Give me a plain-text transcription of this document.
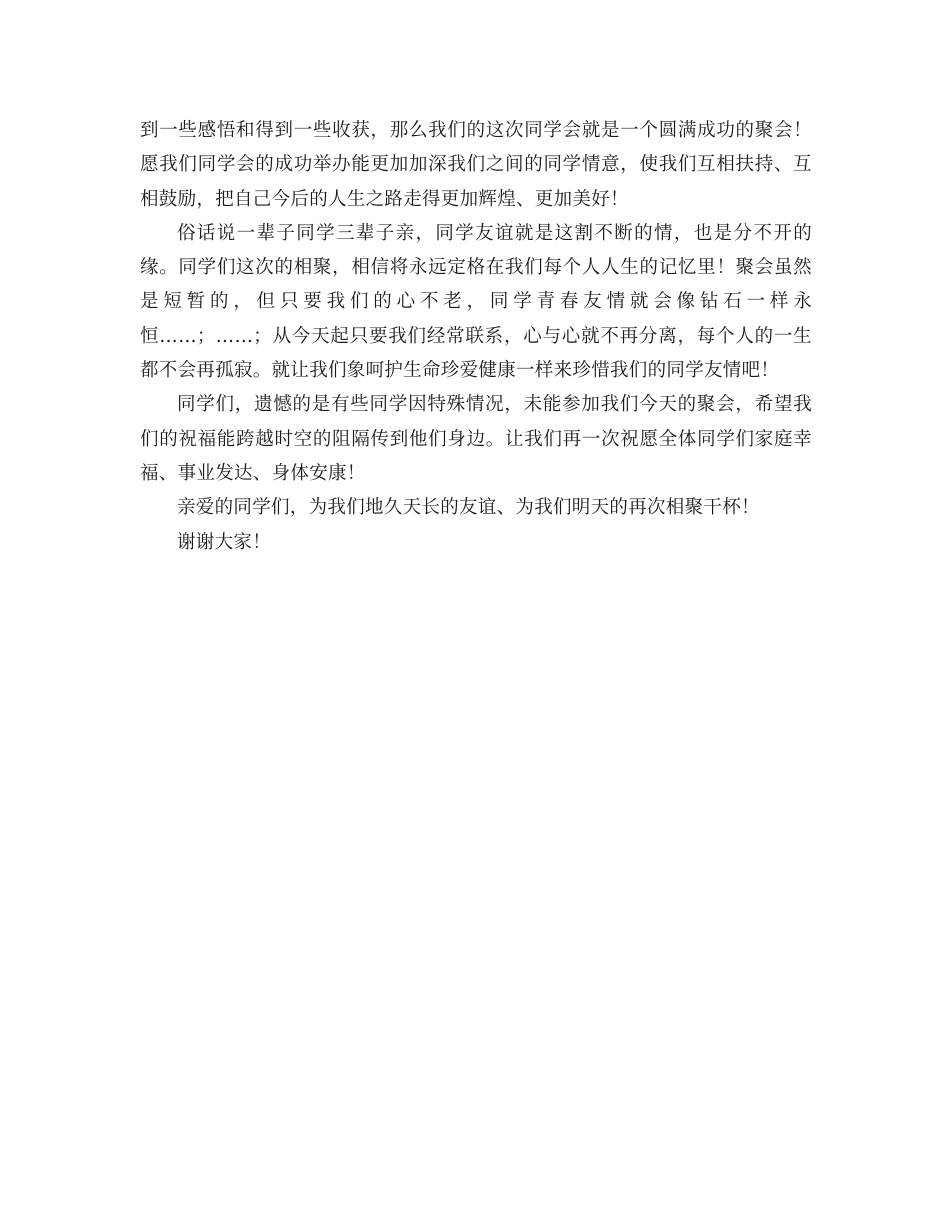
到一些感悟和得到一些收获，那么我们的这次同学会就是一个圆满成功的聚会！愿我们同学会的成功举办能更加加深我们之间的同学情意，使我们互相扶持、互相鼓励，把自己今后的人生之路走得更加辉煌、更加美好！

俗话说一辈子同学三辈子亲，同学友谊就是这割不断的情，也是分不开的缘。同学们这次的相聚，相信将永远定格在我们每个人人生的记忆里！聚会虽然是短暂的，但只要我们的心不老，同学青春友情就会像钻石一样永恒……；……；从今天起只要我们经常联系，心与心就不再分离，每个人的一生都不会再孤寂。就让我们象呵护生命珍爱健康一样来珍惜我们的同学友情吧！

同学们，遗憾的是有些同学因特殊情况，未能参加我们今天的聚会，希望我们的祝福能跨越时空的阻隔传到他们身边。让我们再一次祝愿全体同学们家庭幸福、事业发达、身体安康！

亲爱的同学们，为我们地久天长的友谊、为我们明天的再次相聚干杯！

谢谢大家！
